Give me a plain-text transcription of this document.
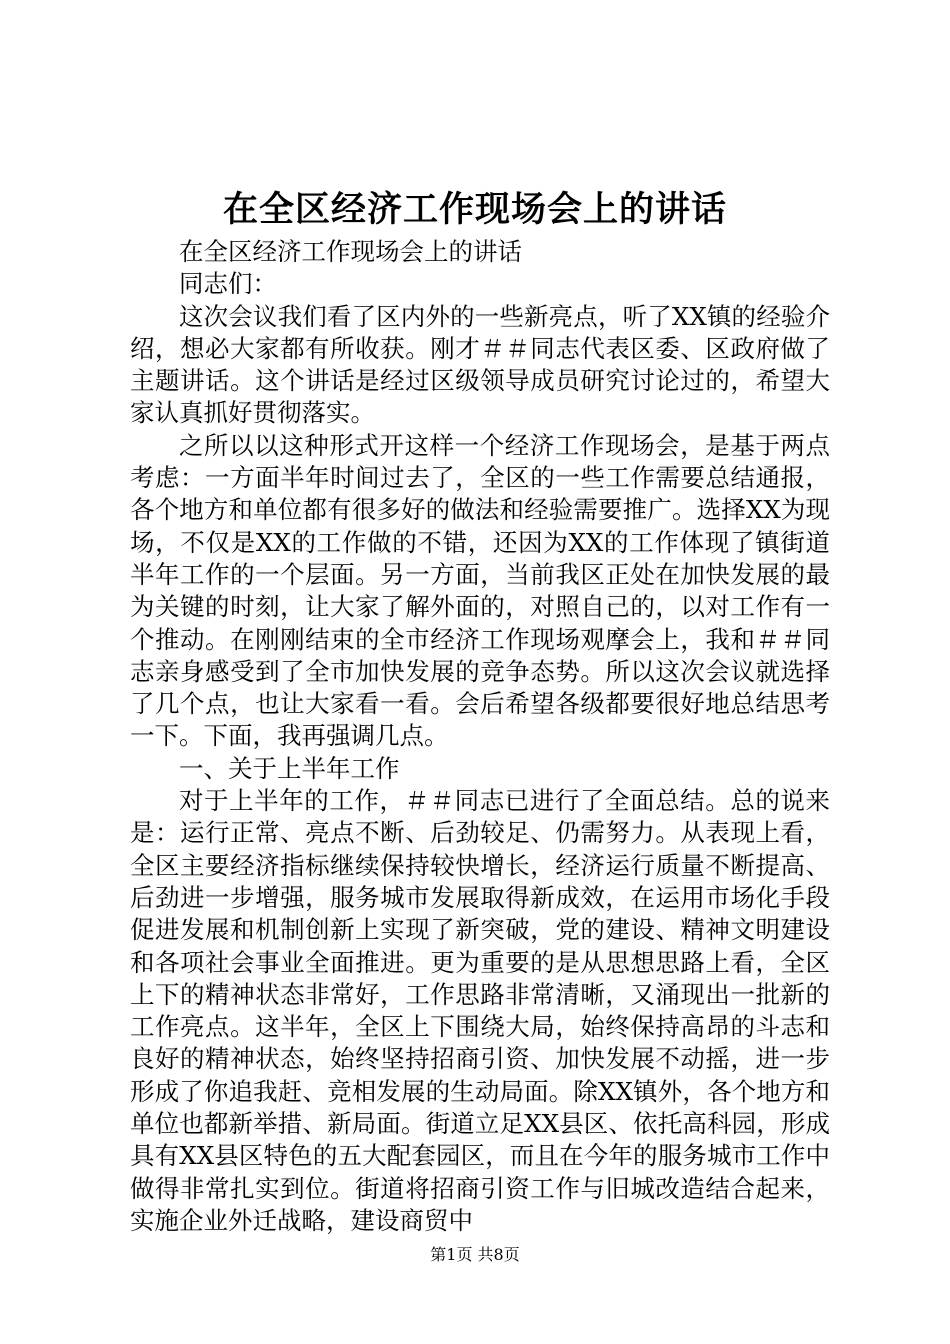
在全区经济工作现场会上的讲话

在全区经济工作现场会上的讲话

同志们：

这次会议我们看了区内外的一些新亮点，听了XX镇的经验介绍，想必大家都有所收获。刚才＃＃同志代表区委、区政府做了主题讲话。这个讲话是经过区级领导成员研究讨论过的，希望大家认真抓好贯彻落实。

之所以以这种形式开这样一个经济工作现场会，是基于两点考虑：一方面半年时间过去了，全区的一些工作需要总结通报，各个地方和单位都有很多好的做法和经验需要推广。选择XX为现场，不仅是XX的工作做的不错，还因为XX的工作体现了镇街道半年工作的一个层面。另一方面，当前我区正处在加快发展的最为关键的时刻，让大家了解外面的，对照自己的，以对工作有一个推动。在刚刚结束的全市经济工作现场观摩会上，我和＃＃同志亲身感受到了全市加快发展的竞争态势。所以这次会议就选择了几个点，也让大家看一看。会后希望各级都要很好地总结思考一下。下面，我再强调几点。

一、关于上半年工作

对于上半年的工作，＃＃同志已进行了全面总结。总的说来是：运行正常、亮点不断、后劲较足、仍需努力。从表现上看，全区主要经济指标继续保持较快增长，经济运行质量不断提高、后劲进一步增强，服务城市发展取得新成效，在运用市场化手段促进发展和机制创新上实现了新突破，党的建设、精神文明建设和各项社会事业全面推进。更为重要的是从思想思路上看，全区上下的精神状态非常好，工作思路非常清晰，又涌现出一批新的工作亮点。这半年，全区上下围绕大局，始终保持高昂的斗志和良好的精神状态，始终坚持招商引资、加快发展不动摇，进一步形成了你追我赶、竞相发展的生动局面。除XX镇外，各个地方和单位也都新举措、新局面。街道立足XX县区、依托高科园，形成具有XX县区特色的五大配套园区，而且在今年的服务城市工作中做得非常扎实到位。街道将招商引资工作与旧城改造结合起来，实施企业外迁战略，建设商贸中

第1页 共8页
